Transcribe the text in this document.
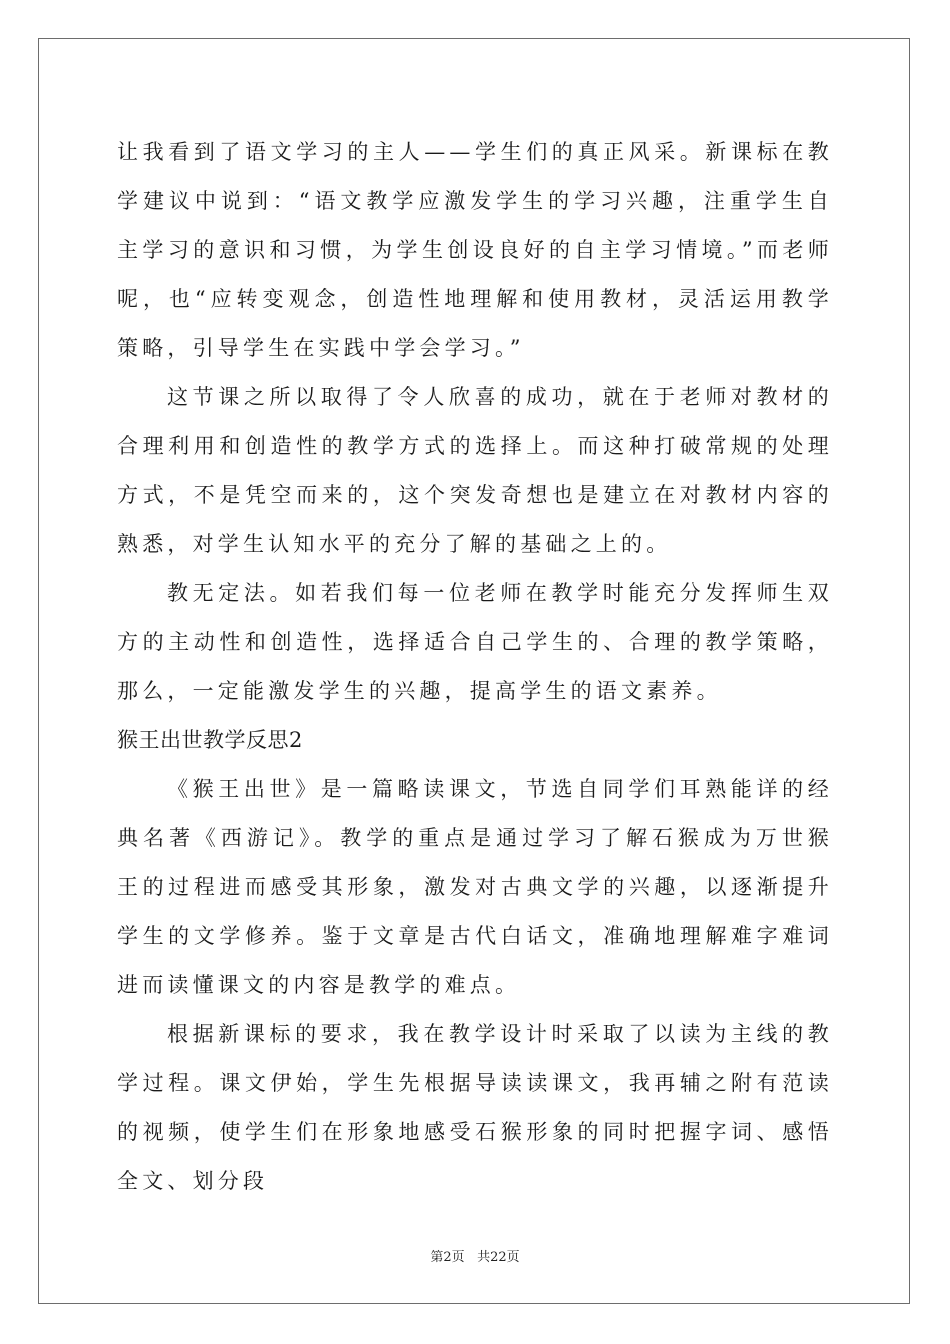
让我看到了语文学习的主人——学生们的真正风采。新课标在教学建议中说到：“语文教学应激发学生的学习兴趣，注重学生自主学习的意识和习惯，为学生创设良好的自主学习情境。”而老师呢，也“应转变观念，创造性地理解和使用教材，灵活运用教学策略，引导学生在实践中学会学习。”

这节课之所以取得了令人欣喜的成功，就在于老师对教材的合理利用和创造性的教学方式的选择上。而这种打破常规的处理方式，不是凭空而来的，这个突发奇想也是建立在对教材内容的熟悉，对学生认知水平的充分了解的基础之上的。

教无定法。如若我们每一位老师在教学时能充分发挥师生双方的主动性和创造性，选择适合自己学生的、合理的教学策略，那么，一定能激发学生的兴趣，提高学生的语文素养。

猴王出世教学反思2

《猴王出世》是一篇略读课文，节选自同学们耳熟能详的经典名著《西游记》。教学的重点是通过学习了解石猴成为万世猴王的过程进而感受其形象，激发对古典文学的兴趣，以逐渐提升学生的文学修养。鉴于文章是古代白话文，准确地理解难字难词进而读懂课文的内容是教学的难点。

根据新课标的要求，我在教学设计时采取了以读为主线的教学过程。课文伊始，学生先根据导读读课文，我再辅之附有范读的视频，使学生们在形象地感受石猴形象的同时把握字词、感悟全文、划分段

第2页 共22页
